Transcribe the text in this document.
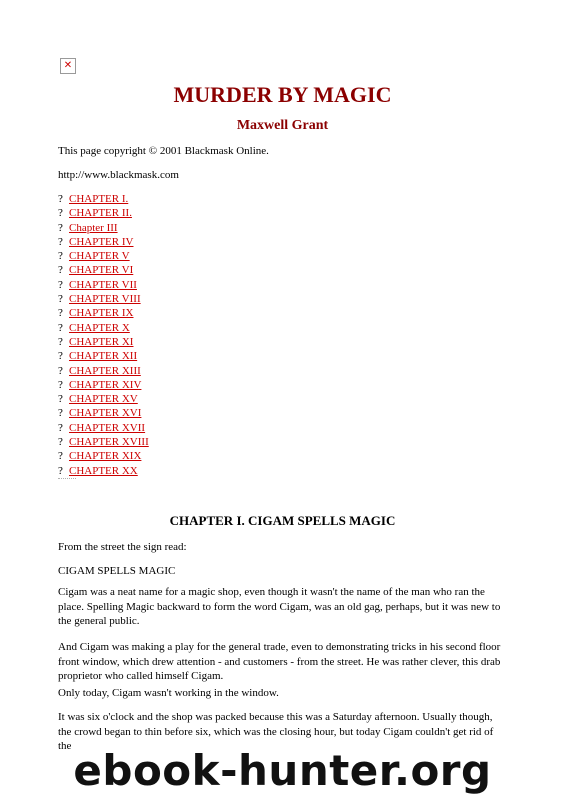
✕
MURDER BY MAGIC
Maxwell Grant

This page copyright © 2001 Blackmask Online.

http://www.blackmask.com

? CHAPTER I.
? CHAPTER II.
? Chapter III
? CHAPTER IV
? CHAPTER V
? CHAPTER VI
? CHAPTER VII
? CHAPTER VIII
? CHAPTER IX
? CHAPTER X
? CHAPTER XI
? CHAPTER XII
? CHAPTER XIII
? CHAPTER XIV
? CHAPTER XV
? CHAPTER XVI
? CHAPTER XVII
? CHAPTER XVIII
? CHAPTER XIX
? CHAPTER XX
CHAPTER I. CIGAM SPELLS MAGIC

From the street the sign read:

CIGAM SPELLS MAGIC

Cigam was a neat name for a magic shop, even though it wasn't the name of the man who ran the place. Spelling Magic backward to form the word Cigam, was an old gag, perhaps, but it was new to the general public.

And Cigam was making a play for the general trade, even to demonstrating tricks in his second floor front window, which drew attention - and customers - from the street. He was rather clever, this drab proprietor who called himself Cigam.

Only today, Cigam wasn't working in the window.

It was six o'clock and the shop was packed because this was a Saturday afternoon. Usually though, the crowd began to thin before six, which was the closing hour, but today Cigam couldn't get rid of the ebook-hunter.org
